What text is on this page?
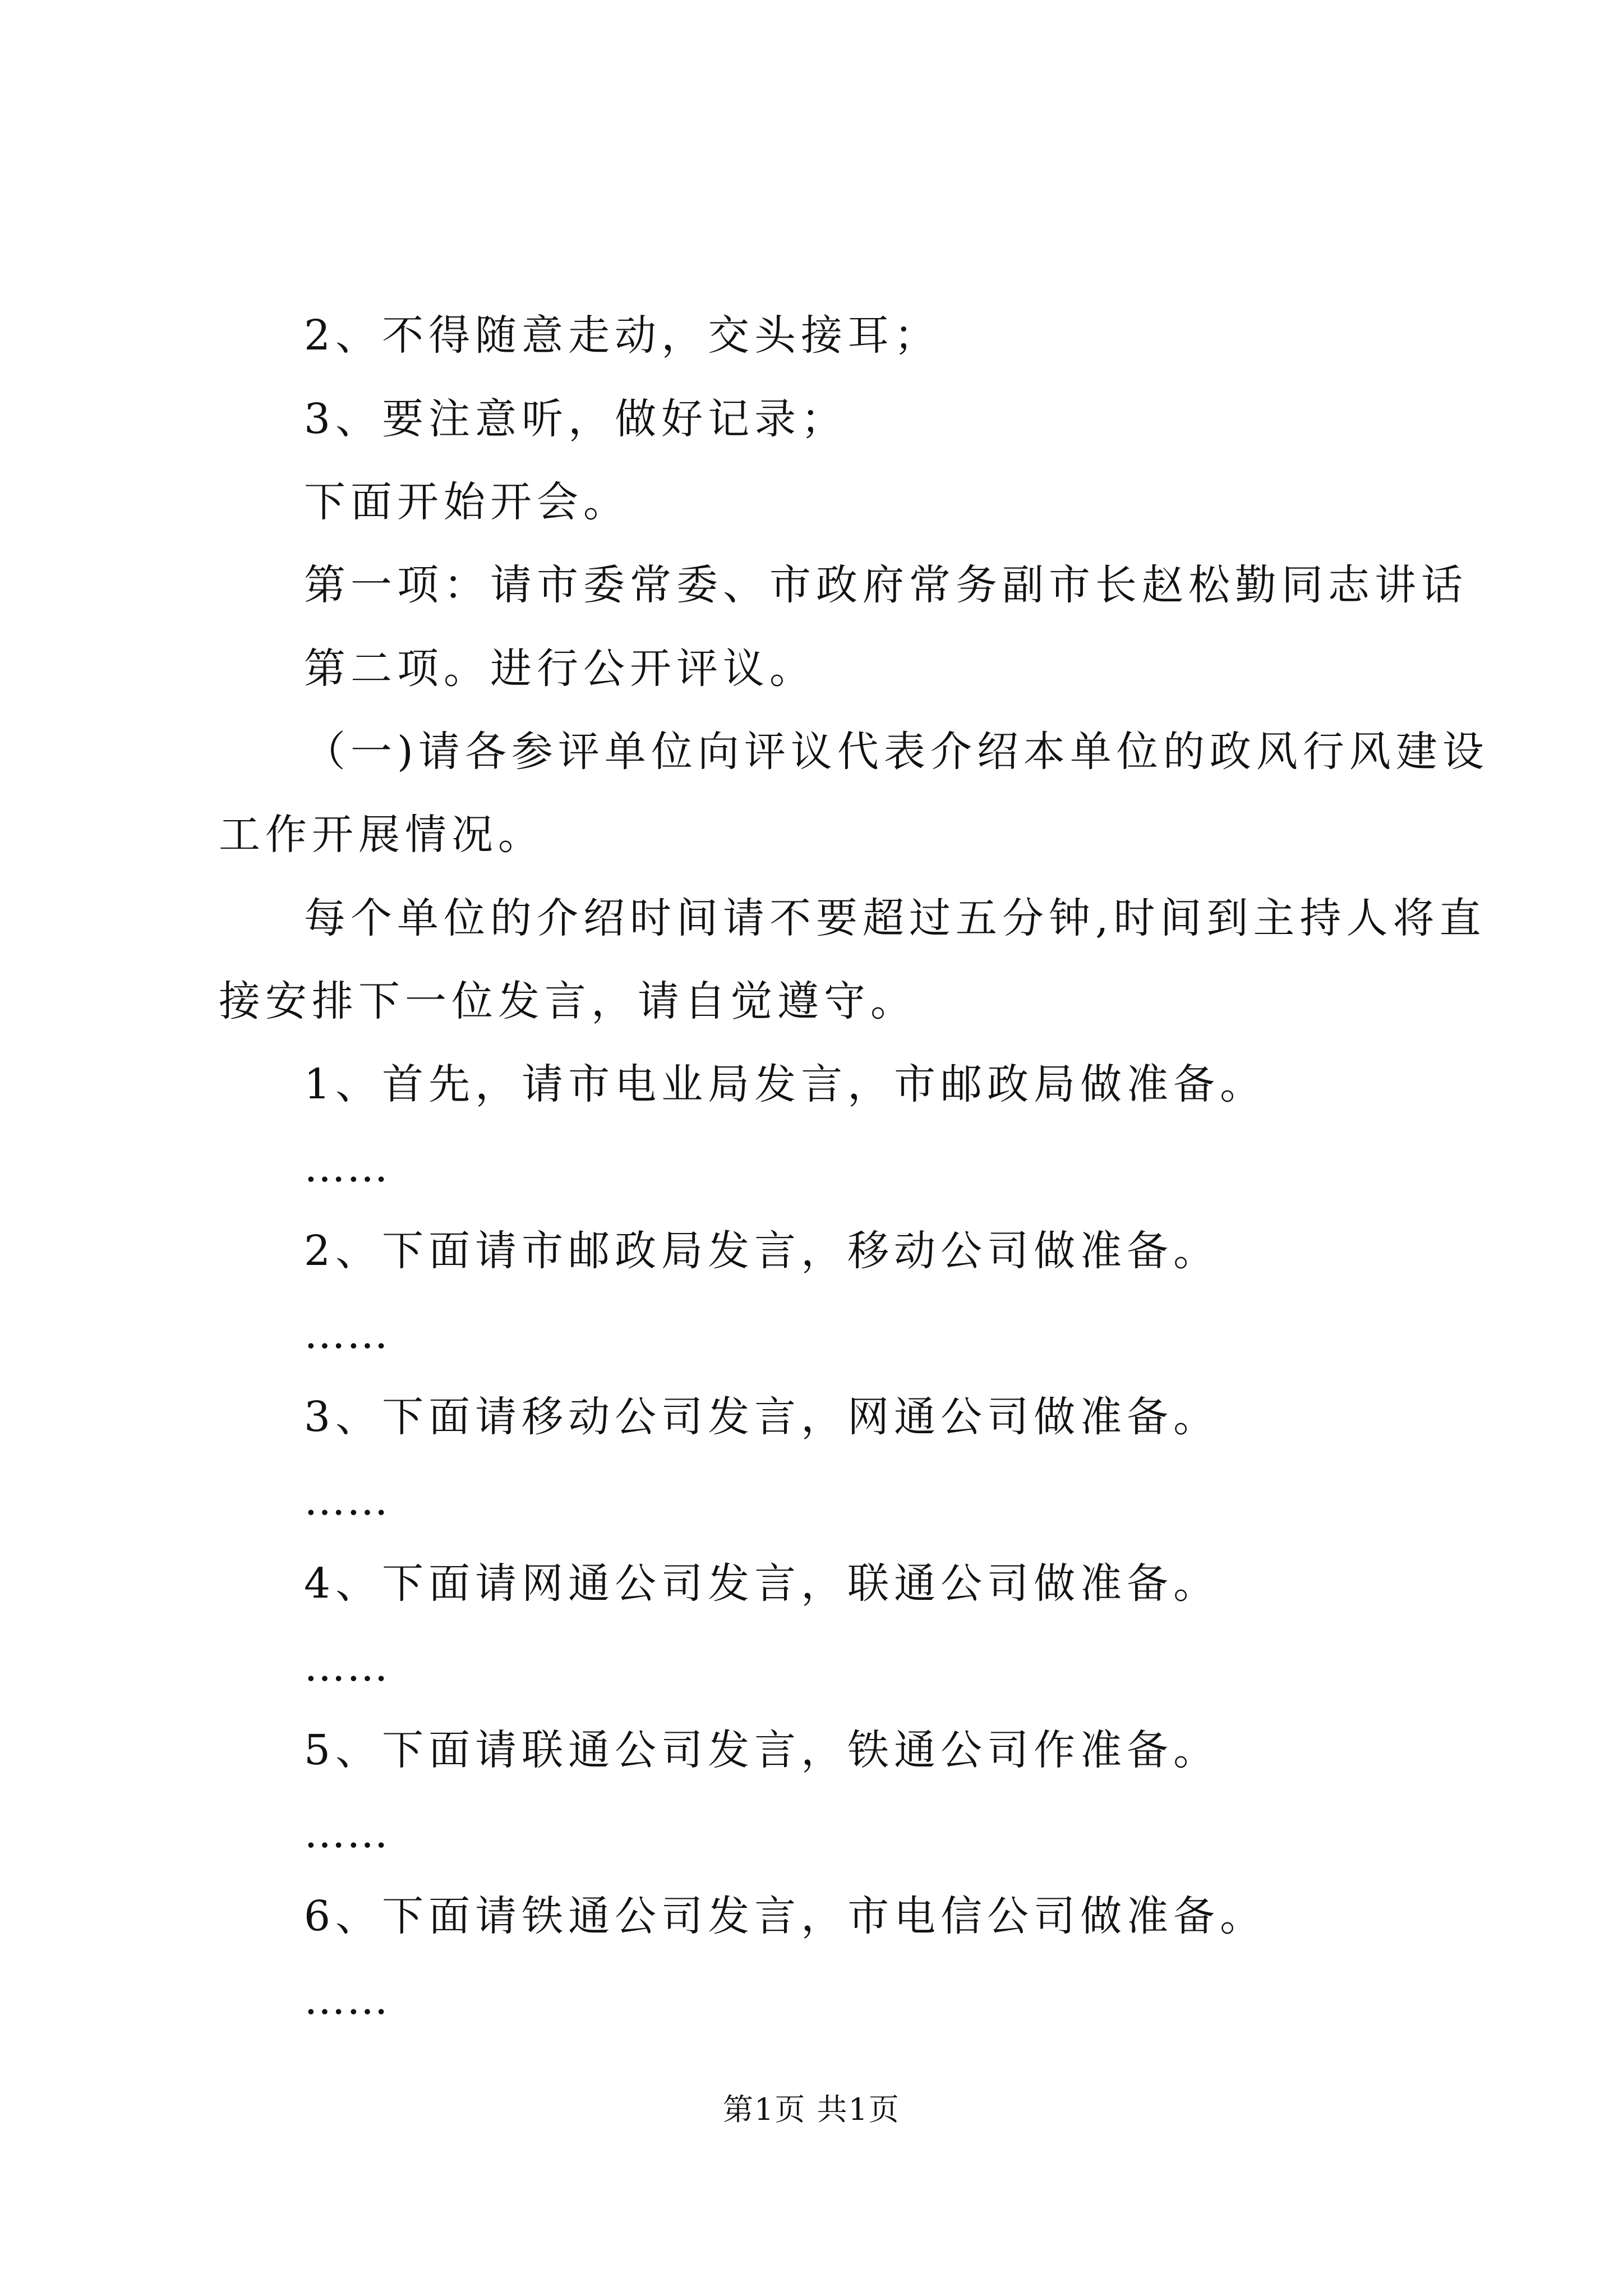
2、不得随意走动，交头接耳；
3、要注意听，做好记录；
下面开始开会。
第一项：请市委常委、市政府常务副市长赵松勤同志讲话
第二项。进行公开评议。
（一)请各参评单位向评议代表介绍本单位的政风行风建设
工作开展情况。
每个单位的介绍时间请不要超过五分钟,时间到主持人将直
接安排下一位发言，请自觉遵守。
1、首先，请市电业局发言，市邮政局做准备。
……
2、下面请市邮政局发言，移动公司做准备。
……
3、下面请移动公司发言，网通公司做准备。
……
4、下面请网通公司发言，联通公司做准备。
……
5、下面请联通公司发言，铁通公司作准备。
……
6、下面请铁通公司发言，市电信公司做准备。
……
第1页 共1页
